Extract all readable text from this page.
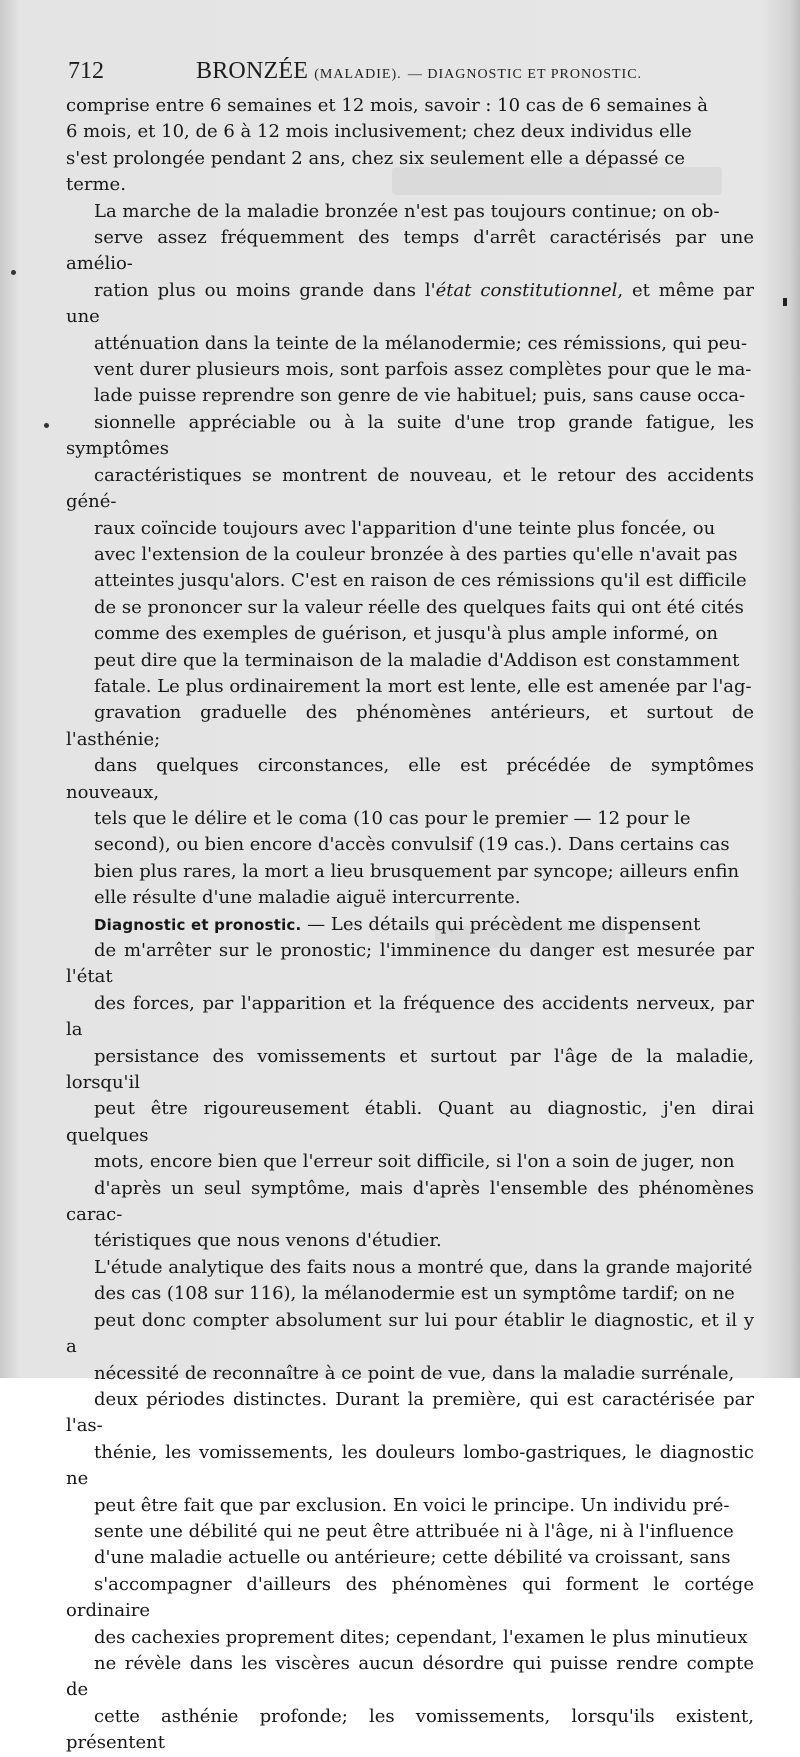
712	BRONZÉE (MALADIE). — DIAGNOSTIC ET PRONOSTIC.

comprise entre 6 semaines et 12 mois, savoir : 10 cas de 6 semaines à
6 mois, et 10, de 6 à 12 mois inclusivement; chez deux individus elle
s'est prolongée pendant 2 ans, chez six seulement elle a dépassé ce
terme.

La marche de la maladie bronzée n'est pas toujours continue; on ob-
serve assez fréquemment des temps d'arrêt caractérisés par une amélio-
ration plus ou moins grande dans l'état constitutionnel, et même par une
atténuation dans la teinte de la mélanodermie; ces rémissions, qui peu-
vent durer plusieurs mois, sont parfois assez complètes pour que le ma-
lade puisse reprendre son genre de vie habituel; puis, sans cause occa-
sionnelle appréciable ou à la suite d'une trop grande fatigue, les symptômes
caractéristiques se montrent de nouveau, et le retour des accidents géné-
raux coïncide toujours avec l'apparition d'une teinte plus foncée, ou
avec l'extension de la couleur bronzée à des parties qu'elle n'avait pas
atteintes jusqu'alors. C'est en raison de ces rémissions qu'il est difficile
de se prononcer sur la valeur réelle des quelques faits qui ont été cités
comme des exemples de guérison, et jusqu'à plus ample informé, on
peut dire que la terminaison de la maladie d'Addison est constamment
fatale. Le plus ordinairement la mort est lente, elle est amenée par l'ag-
gravation graduelle des phénomènes antérieurs, et surtout de l'asthénie;
dans quelques circonstances, elle est précédée de symptômes nouveaux,
tels que le délire et le coma (10 cas pour le premier — 12 pour le
second), ou bien encore d'accès convulsif (19 cas.). Dans certains cas
bien plus rares, la mort a lieu brusquement par syncope; ailleurs enfin
elle résulte d'une maladie aiguë intercurrente.

Diagnostic et pronostic. — Les détails qui précèdent me dispensent
de m'arrêter sur le pronostic; l'imminence du danger est mesurée par l'état
des forces, par l'apparition et la fréquence des accidents nerveux, par la
persistance des vomissements et surtout par l'âge de la maladie, lorsqu'il
peut être rigoureusement établi. Quant au diagnostic, j'en dirai quelques
mots, encore bien que l'erreur soit difficile, si l'on a soin de juger, non
d'après un seul symptôme, mais d'après l'ensemble des phénomènes carac-
téristiques que nous venons d'étudier.

L'étude analytique des faits nous a montré que, dans la grande majorité
des cas (108 sur 116), la mélanodermie est un symptôme tardif; on ne
peut donc compter absolument sur lui pour établir le diagnostic, et il y a
nécessité de reconnaître à ce point de vue, dans la maladie surrénale,
deux périodes distinctes. Durant la première, qui est caractérisée par l'as-
thénie, les vomissements, les douleurs lombo-gastriques, le diagnostic ne
peut être fait que par exclusion. En voici le principe. Un individu pré-
sente une débilité qui ne peut être attribuée ni à l'âge, ni à l'influence
d'une maladie actuelle ou antérieure; cette débilité va croissant, sans
s'accompagner d'ailleurs des phénomènes qui forment le cortége ordinaire
des cachexies proprement dites; cependant, l'examen le plus minutieux
ne révèle dans les viscères aucun désordre qui puisse rendre compte de
cette asthénie profonde; les vomissements, lorsqu'ils existent, présentent
